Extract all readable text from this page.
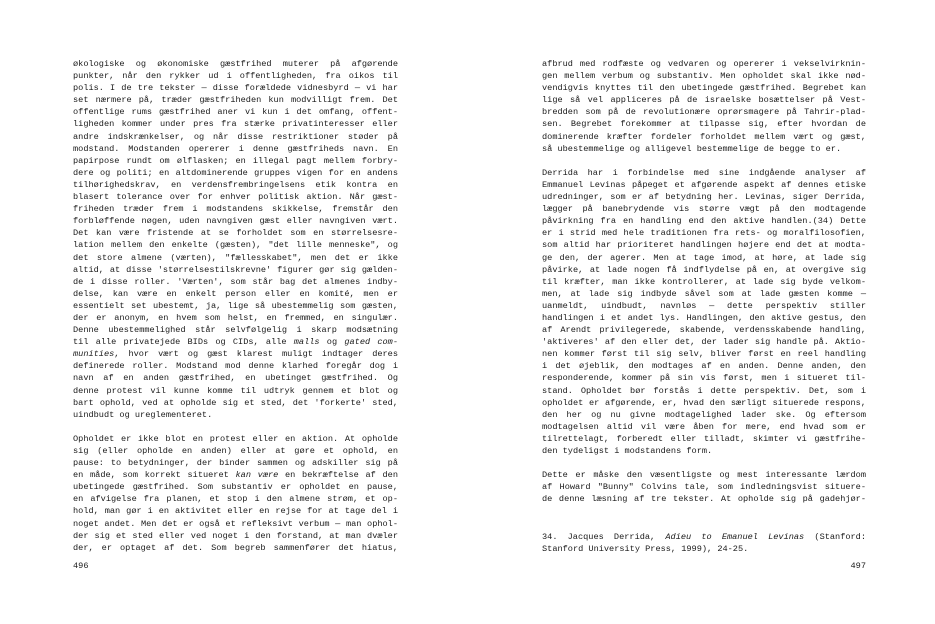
økologiske og økonomiske gæstfrihed muterer på afgørende
punkter, når den rykker ud i offentligheden, fra oikos til
polis. I de tre tekster — disse forældede vidnesbyrd — vi har
set nærmere på, træder gæstfriheden kun modvilligt frem. Det
offentlige rums gæstfrihed aner vi kun i det omfang, offent-
ligheden kommer under pres fra stærke privatinteresser eller
andre indskrænkelser, og når disse restriktioner støder på
modstand. Modstanden opererer i denne gæstfriheds navn. En
papirpose rundt om ølflasken; en illegal pagt mellem forbry-
dere og politi; en altdominerende gruppes vigen for en andens
tilhørighedskrav, en verdensfrembringelsens etik kontra en
blasert tolerance over for enhver politisk aktion. Når gæst-
friheden træder frem i modstandens skikkelse, fremstår den
forbløffende nøgen, uden navngiven gæst eller navngiven vært.
Det kan være fristende at se forholdet som en størrelsesre-
lation mellem den enkelte (gæsten), "det lille menneske", og
det store almene (værten), "fællesskabet", men det er ikke
altid, at disse 'størrelsestilskrevne' figurer gør sig gælden-
de i disse roller. 'Værten', som står bag det almenes indby-
delse, kan være en enkelt person eller en komité, men er
essentielt set ubestemt, ja, lige så ubestemmelig som gæsten,
der er anonym, en hvem som helst, en fremmed, en singulær.
Denne ubestemmelighed står selvfølgelig i skarp modsætning
til alle privatejede BIDs og CIDs, alle malls og gated com-
munities, hvor vært og gæst klarest muligt indtager deres
definerede roller. Modstand mod denne klarhed foregår dog i
navn af en anden gæstfrihed, en ubetinget gæstfrihed. Og
denne protest vil kunne komme til udtryk gennem et blot og
bart ophold, ved at opholde sig et sted, det 'forkerte' sted,
uindbudt og ureglementeret.
Opholdet er ikke blot en protest eller en aktion. At opholde
sig (eller opholde en anden) eller at gøre et ophold, en
pause: to betydninger, der binder sammen og adskiller sig på
en måde, som korrekt situeret kan være en bekræftelse af den
ubetingede gæstfrihed. Som substantiv er opholdet en pause,
en afvigelse fra planen, et stop i den almene strøm, et op-
hold, man gør i en aktivitet eller en rejse for at tage del i
noget andet. Men det er også et refleksivt verbum — man ophol-
der sig et sted eller ved noget i den forstand, at man dvæler
der, er optaget af det. Som begreb sammenfører det hiatus,
afbrud med rodfæste og vedvaren og opererer i vekselvirknin-
gen mellem verbum og substantiv. Men opholdet skal ikke nød-
vendigvis knyttes til den ubetingede gæstfrihed. Begrebet kan
lige så vel appliceres på de israelske bosættelser på Vest-
bredden som på de revolutionære oprørsmagere på Tahrir-plad-
sen. Begrebet forekommer at tilpasse sig, efter hvordan de
dominerende kræfter fordeler forholdet mellem vært og gæst,
så ubestemmelige og alligevel bestemmelige de begge to er.
Derrida har i forbindelse med sine indgående analyser af
Emmanuel Levinas påpeget et afgørende aspekt af dennes etiske
udredninger, som er af betydning her. Levinas, siger Derrida,
lægger på banebrydende vis større vægt på den modtagende
påvirkning fra en handling end den aktive handlen.(34) Dette
er i strid med hele traditionen fra rets- og moralfilosofien,
som altid har prioriteret handlingen højere end det at modta-
ge den, der agerer. Men at tage imod, at høre, at lade sig
påvirke, at lade nogen få indflydelse på en, at overgive sig
til kræfter, man ikke kontrollerer, at lade sig byde velkom-
men, at lade sig indbyde såvel som at lade gæsten komme —
uanmeldt, uindbudt, navnløs — dette perspektiv stiller
handlingen i et andet lys. Handlingen, den aktive gestus, den
af Arendt privilegerede, skabende, verdensskabende handling,
'aktiveres' af den eller det, der lader sig handle på. Aktio-
nen kommer først til sig selv, bliver først en reel handling
i det øjeblik, den modtages af en anden. Denne anden, den
responderende, kommer på sin vis først, men i situeret til-
stand. Opholdet bør forstås i dette perspektiv. Det, som i
opholdet er afgørende, er, hvad den særligt situerede respons,
den her og nu givne modtagelighed lader ske. Og eftersom
modtagelsen altid vil være åben for mere, end hvad som er
tilrettelagt, forberedt eller tilladt, skimter vi gæstfrihe-
den tydeligst i modstandens form.
Dette er måske den væsentligste og mest interessante lærdom
af Howard "Bunny" Colvins tale, som indledningsvist situere-
de denne læsning af tre tekster. At opholde sig på gadehjør-
34. Jacques Derrida, Adieu to Emanuel Levinas (Stanford:
Stanford University Press, 1999), 24-25.
496	497
